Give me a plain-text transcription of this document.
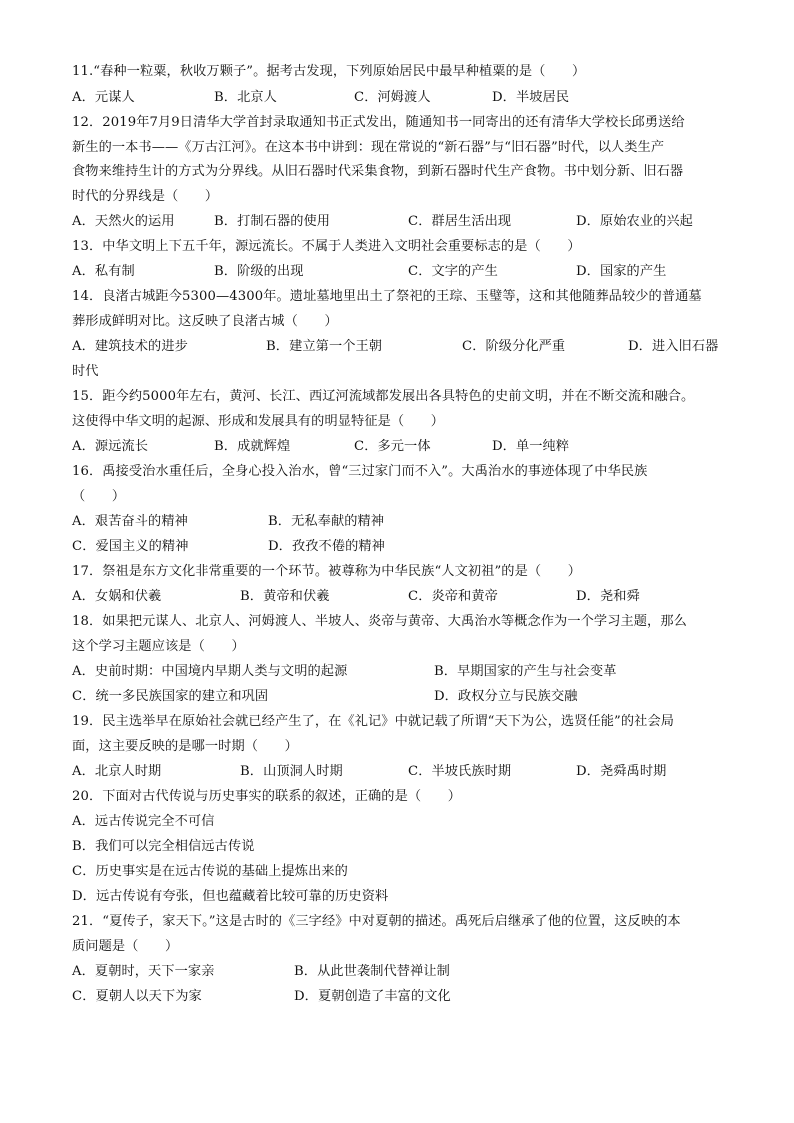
11.“春种一粒粟，秋收万颗子”。据考古发现，下列原始居民中最早种植粟的是（　　）
A．元谋人	B．北京人	C．河姆渡人	D．半坡居民
12．2019年7月9日清华大学首封录取通知书正式发出，随通知书一同寄出的还有清华大学校长邱勇送给
新生的一本书——《万古江河》。在这本书中讲到：现在常说的“新石器”与“旧石器”时代，以人类生产
食物来维持生计的方式为分界线。从旧石器时代采集食物，到新石器时代生产食物。书中划分新、旧石器
时代的分界线是（　　）
A．天然火的运用	B．打制石器的使用	C．群居生活出现	D．原始农业的兴起
13．中华文明上下五千年，源远流长。不属于人类进入文明社会重要标志的是（　　）
A．私有制	B．阶级的出现	C．文字的产生	D．国家的产生
14．良渚古城距今5300—4300年。遗址墓地里出土了祭祀的王琮、玉璧等，这和其他随葬品较少的普通墓
葬形成鲜明对比。这反映了良渚古城（　　）
A．建筑技术的进步	B．建立第一个王朝	C．阶级分化严重	D．进入旧石器
时代
15．距今约5000年左右，黄河、长江、西辽河流域都发展出各具特色的史前文明，并在不断交流和融合。
这使得中华文明的起源、形成和发展具有的明显特征是（　　）
A．源远流长	B．成就辉煌	C．多元一体	D．单一纯粹
16．禹接受治水重任后，全身心投入治水，曾“三过家门而不入”。大禹治水的事迹体现了中华民族
（　　）
A．艰苦奋斗的精神	B．无私奉献的精神
C．爱国主义的精神	D．孜孜不倦的精神
17．祭祖是东方文化非常重要的一个环节。被尊称为中华民族“人文初祖”的是（　　）
A．女娲和伏羲	B．黄帝和伏羲	C．炎帝和黄帝	D．尧和舜
18．如果把元谋人、北京人、河姆渡人、半坡人、炎帝与黄帝、大禹治水等概念作为一个学习主题，那么
这个学习主题应该是（　　）
A．史前时期：中国境内早期人类与文明的起源	B．早期国家的产生与社会变革
C．统一多民族国家的建立和巩固	D．政权分立与民族交融
19．民主选举早在原始社会就已经产生了，在《礼记》中就记载了所谓“天下为公，选贤任能”的社会局
面，这主要反映的是哪一时期（　　）
A．北京人时期	B．山顶洞人时期	C．半坡氏族时期	D．尧舜禹时期
20．下面对古代传说与历史事实的联系的叙述，正确的是（　　）
A．远古传说完全不可信
B．我们可以完全相信远古传说
C．历史事实是在远古传说的基础上提炼出来的
D．远古传说有夸张，但也蕴藏着比较可靠的历史资料
21．“夏传子，家天下。”这是古时的《三字经》中对夏朝的描述。禹死后启继承了他的位置，这反映的本
质问题是（　　）
A．夏朝时，天下一家亲	B．从此世袭制代替禅让制
C．夏朝人以天下为家	D．夏朝创造了丰富的文化
